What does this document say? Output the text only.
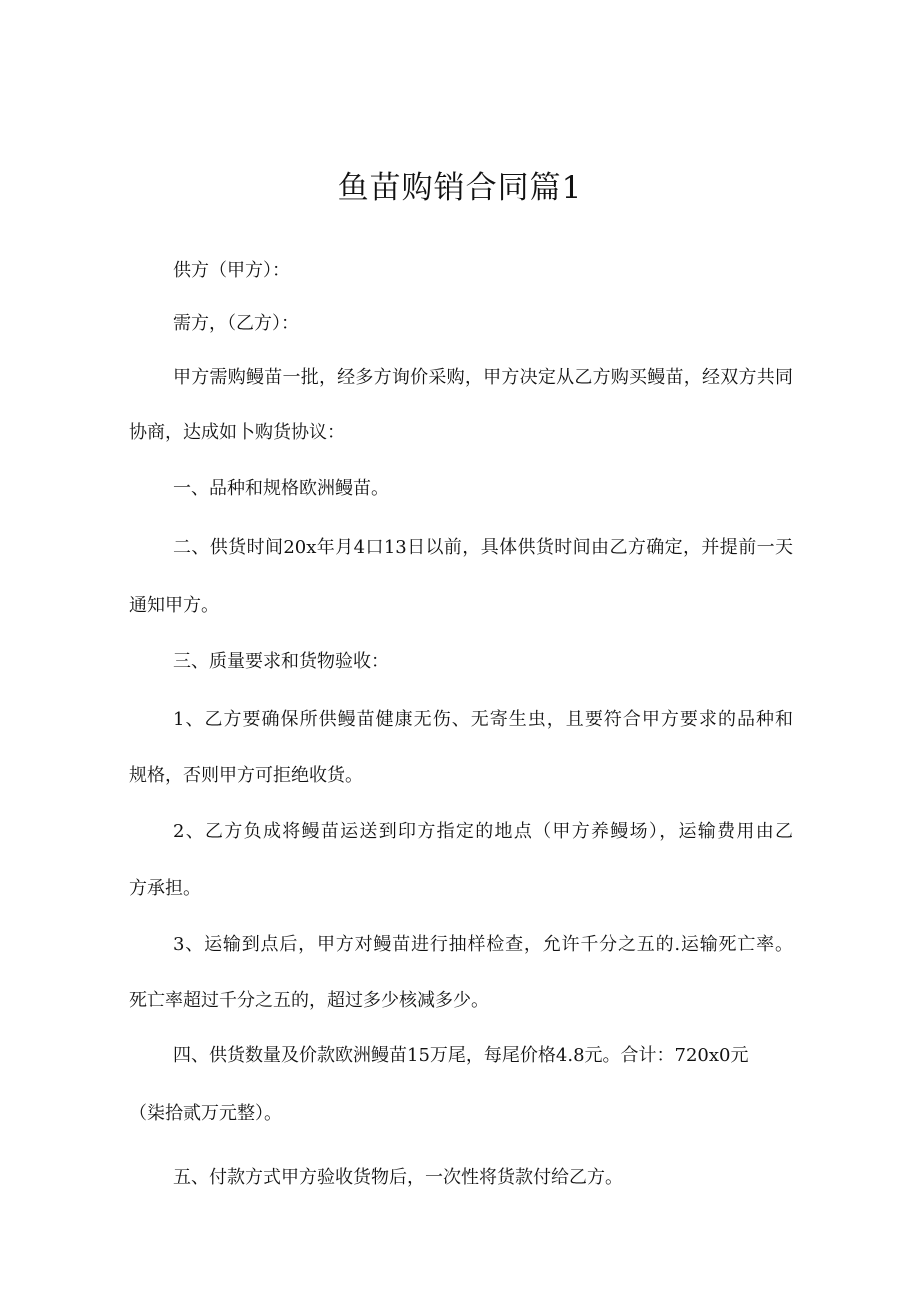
鱼苗购销合同篇1

供方（甲方）：

需方，（乙方）：

甲方需购鳗苗一批，经多方询价采购，甲方决定从乙方购买鳗苗，经双方共同

协商，达成如卜购货协议：

一、品种和规格欧洲鳗苗。

二、供货时间20x年月4口13日以前，具体供货时间由乙方确定，并提前一天

通知甲方。

三、质量要求和货物验收：

1、乙方要确保所供鳗苗健康无伤、无寄生虫，且要符合甲方要求的品种和

规格，否则甲方可拒绝收货。

2、乙方负成将鳗苗运送到印方指定的地点（甲方养鳗场），运输费用由乙

方承担。

3、运输到点后，甲方对鳗苗进行抽样检查，允许千分之五的.运输死亡率。

死亡率超过千分之五的，超过多少核减多少。

四、供货数量及价款欧洲鳗苗15万尾，每尾价格4.8元。合计：720x0元

（柒拾贰万元整）。

五、付款方式甲方验收货物后，一次性将货款付给乙方。
